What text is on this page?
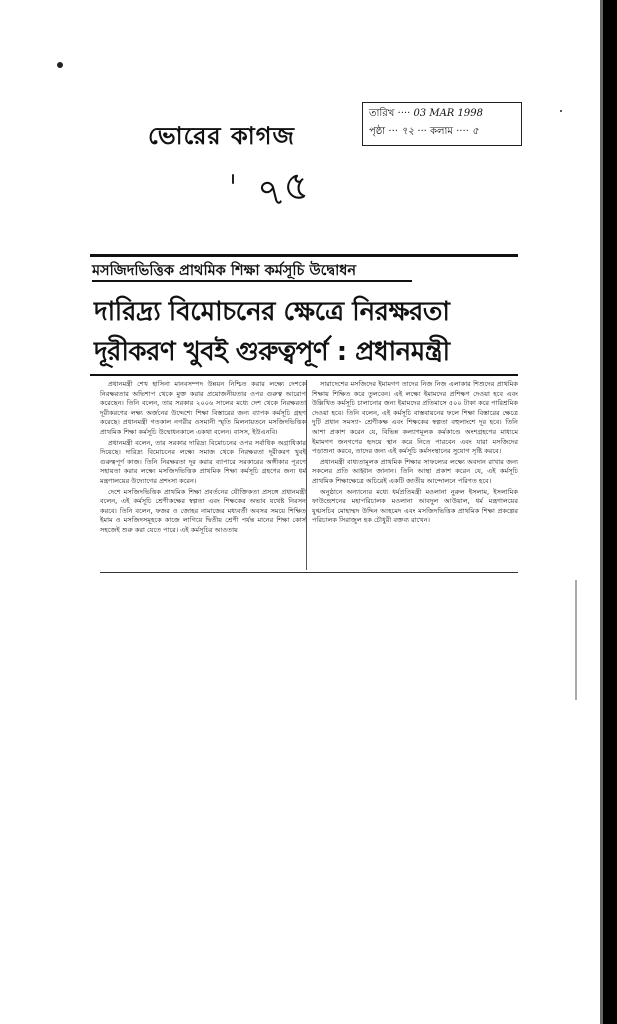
ভোরের কাগজ
তারিখ ···· 03 MAR 1998
পৃষ্ঠা ··· ৭২ ··· কলাম ···· ৫
৭৫
মসজিদভিত্তিক প্রাথমিক শিক্ষা কর্মসূচি উদ্বোধন
দারিদ্র্য বিমোচনের ক্ষেত্রে নিরক্ষরতা
দূরীকরণ খুবই গুরুত্বপূর্ণ : প্রধানমন্ত্রী

প্রধানমন্ত্রী শেখ হাসিনা মানবসম্পদ উন্নয়ন নিশ্চিত করার লক্ষ্যে দেশকে নিরক্ষরতার অভিশাপ থেকে মুক্ত করার প্রয়োজনীয়তার ওপর গুরুত্ব আরোপ করেছেন। তিনি বলেন, তার সরকার ২০০৬ সালের মধ্যে দেশ থেকে নিরক্ষরতা দূরীকরণের লক্ষ্য অর্জনের উদ্দেশ্যে শিক্ষা বিস্তারের জন্য ব্যাপক কর্মসূচি গ্রহণ করেছে। প্রধানমন্ত্রী গতকাল নগরীর ওসমানী স্মৃতি মিলনায়তনে মসজিদভিত্তিক প্রাথমিক শিক্ষা কর্মসূচি উদ্বোধনকালে একথা বলেন। বাসস, ইউএনবি।

প্রধানমন্ত্রী বলেন, তার সরকার দারিদ্র্য বিমোচনের ওপর সর্বাধিক অগ্রাধিকার দিয়েছে। দারিদ্র্য বিমোচনের লক্ষ্যে সমাজ থেকে নিরক্ষরতা দূরীকরণ খুবই গুরুত্বপূর্ণ কাজ। তিনি নিরক্ষরতা দূর করার ব্যাপারে সরকারের অঙ্গীকার পূরণে সহায়তা করার লক্ষ্যে মসজিদভিত্তিক প্রাথমিক শিক্ষা কর্মসূচি গ্রহণের জন্য ধর্ম মন্ত্রণালয়ের উদ্যোগের প্রশংসা করেন।

দেশে মসজিদভিত্তিক প্রাথমিক শিক্ষা প্রবর্তনের যৌক্তিকতা প্রসঙ্গে প্রধানমন্ত্রী বলেন, এই কর্মসূচি শ্রেণীকক্ষের স্বল্পতা এবং শিক্ষকের অভাব যথেষ্ট নিরসন করবে। তিনি বলেন, ফজর ও জোহর নামাজের মধ্যবর্তী অবসর সময়ে শিক্ষিত ইমাম ও মসজিদসমূহকে কাজে লাগিয়ে দ্বিতীয় শ্রেণী পর্যন্ত মানের শিক্ষা কোর্স সহজেই শুরু করা যেতে পারে। এই কর্মসূচির আওতায়

সারাদেশের মসজিদের ইমামগণ তাদের নিজ নিজ এলাকার শিশুদের প্রাথমিক শিক্ষায় শিক্ষিত করে তুলবেন। এই লক্ষ্যে ইমামদের প্রশিক্ষণ দেওয়া হবে এবং উল্লিখিত কর্মসূচি চালানোর জন্য ইমামদের প্রতিমাসে ৫০০ টাকা করে পারিশ্রমিক দেওয়া হবে। তিনি বলেন, এই কর্মসূচি বাস্তবায়নের ফলে শিক্ষা বিস্তারের ক্ষেত্রে দুটি প্রধান সমস্যা- শ্রেণীকক্ষ এবং শিক্ষকের স্বল্পতা বহুলাংশে দূর হবে। তিনি আশা প্রকাশ করেন যে, বিভিন্ন কল্যাণমূলক কর্মকাণ্ডে অংশগ্রহণের মাধ্যমে ইমামগণ জনগণের হৃদয়ে স্থান করে নিতে পারবেন এবং যারা মসজিদের পড়াশুনা করবে, তাদের জন্য এই কর্মসূচি কর্মসংস্থানের সুযোগ সৃষ্টি করবে।

প্রধানমন্ত্রী বাধ্যতামূলক প্রাথমিক শিক্ষার সাফল্যের লক্ষ্যে অবদান রাখার জন্য সকলের প্রতি আহ্বান জানান। তিনি আস্থা প্রকাশ করেন যে, এই কর্মসূচি প্রাথমিক শিক্ষাক্ষেত্রে অচিরেই একটি জাতীয় আন্দোলনে পরিণত হবে।

অনুষ্ঠানে অন্যান্যের মধ্যে ধর্মপ্রতিমন্ত্রী মওলানা নুরুল ইসলাম, ইসলামিক ফাউন্ডেশনের মহাপরিচালক মওলানা আবদুল আউয়াল, ধর্ম মন্ত্রণালয়ের যুগ্মসচিব মোহাম্মদ উদ্দিন আহমেদ এবং মসজিদভিত্তিক প্রাথমিক শিক্ষা প্রকল্পের পরিচালক সিরাজুল হক চৌধুরী বক্তব্য রাখেন।
